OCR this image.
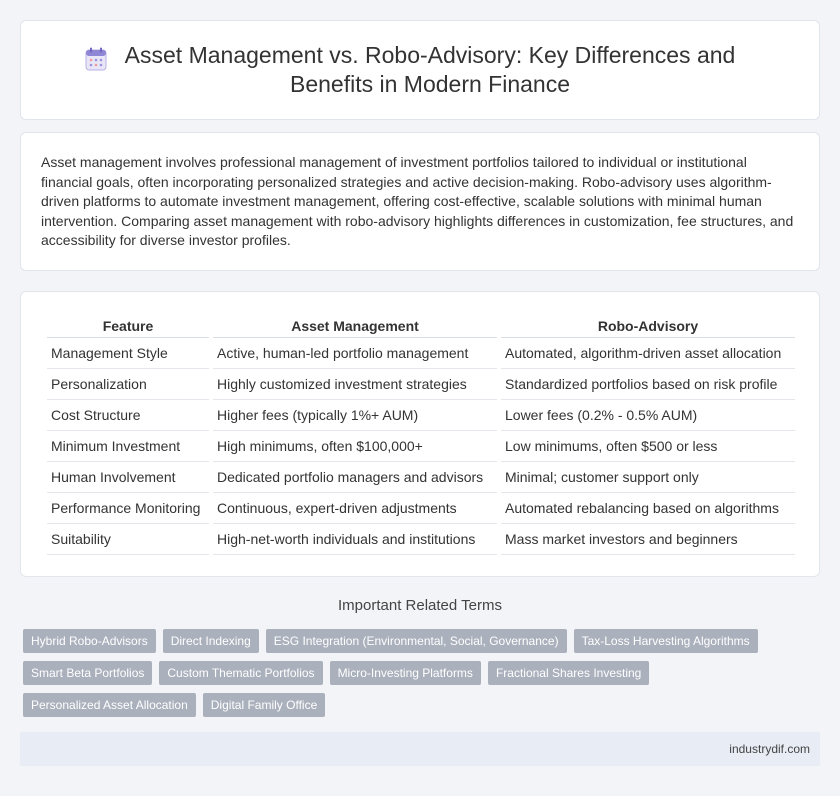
Asset Management vs. Robo-Advisory: Key Differences and Benefits in Modern Finance

Asset management involves professional management of investment portfolios tailored to individual or institutional financial goals, often incorporating personalized strategies and active decision-making. Robo-advisory uses algorithm-driven platforms to automate investment management, offering cost-effective, scalable solutions with minimal human intervention. Comparing asset management with robo-advisory highlights differences in customization, fee structures, and accessibility for diverse investor profiles.

Feature	Asset Management	Robo-Advisory
Management Style	Active, human-led portfolio management	Automated, algorithm-driven asset allocation
Personalization	Highly customized investment strategies	Standardized portfolios based on risk profile
Cost Structure	Higher fees (typically 1%+ AUM)	Lower fees (0.2% - 0.5% AUM)
Minimum Investment	High minimums, often $100,000+	Low minimums, often $500 or less
Human Involvement	Dedicated portfolio managers and advisors	Minimal; customer support only
Performance Monitoring	Continuous, expert-driven adjustments	Automated rebalancing based on algorithms
Suitability	High-net-worth individuals and institutions	Mass market investors and beginners
Important Related Terms
Hybrid Robo-Advisors	Direct Indexing	ESG Integration (Environmental, Social, Governance)	Tax-Loss Harvesting Algorithms
Smart Beta Portfolios	Custom Thematic Portfolios	Micro-Investing Platforms	Fractional Shares Investing
Personalized Asset Allocation	Digital Family Office
industrydif.com
